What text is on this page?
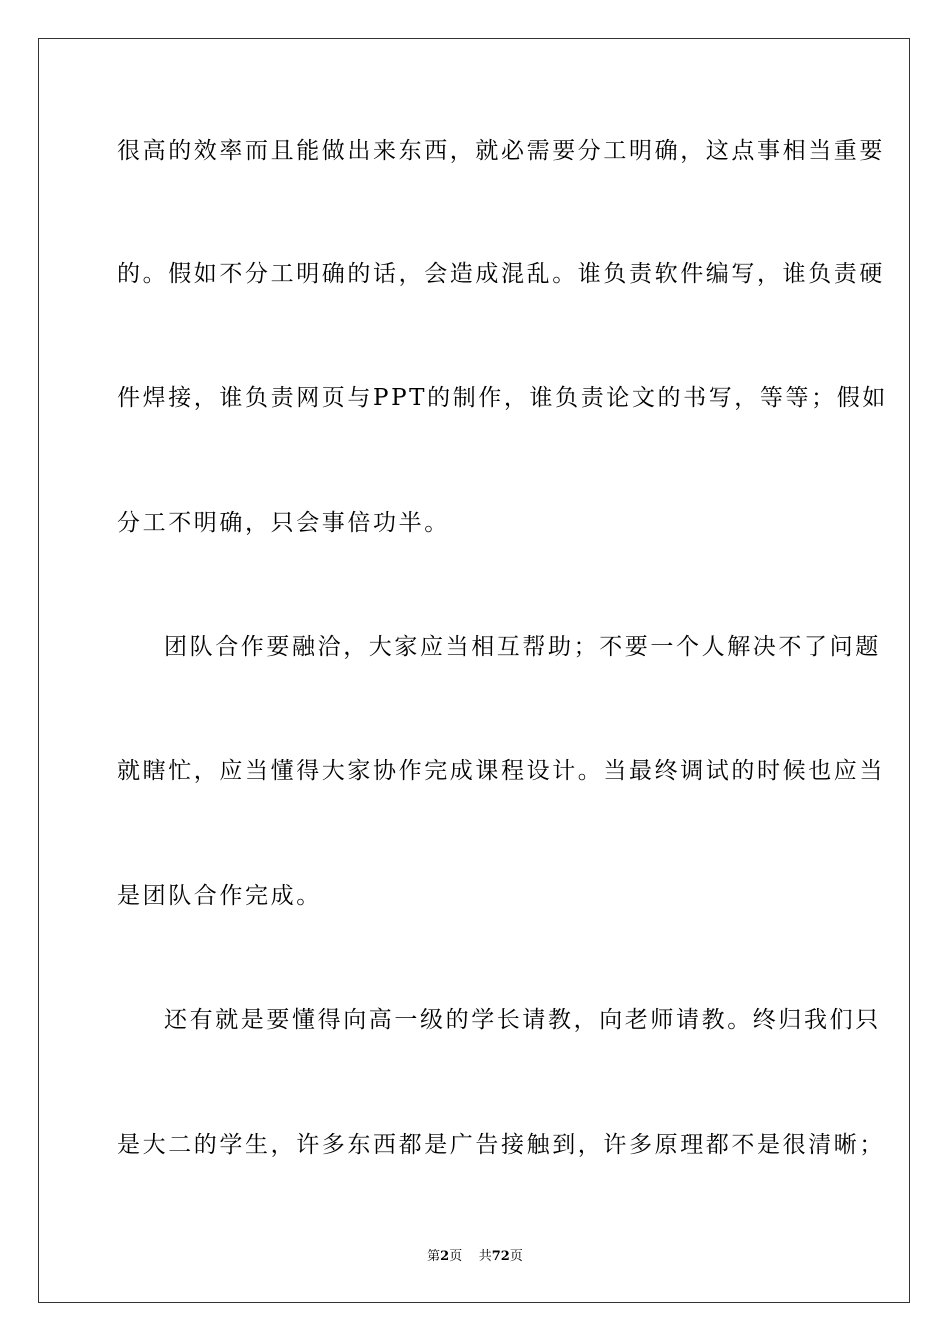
很高的效率而且能做出来东西，就必需要分工明确，这点事相当重要
的。假如不分工明确的话，会造成混乱。谁负责软件编写，谁负责硬
件焊接，谁负责网页与PPT的制作，谁负责论文的书写，等等；假如
分工不明确，只会事倍功半。
团队合作要融洽，大家应当相互帮助；不要一个人解决不了问题
就瞎忙，应当懂得大家协作完成课程设计。当最终调试的时候也应当
是团队合作完成。
还有就是要懂得向高一级的学长请教，向老师请教。终归我们只
是大二的学生，许多东西都是广告接触到，许多原理都不是很清晰；
第2页 共72页
